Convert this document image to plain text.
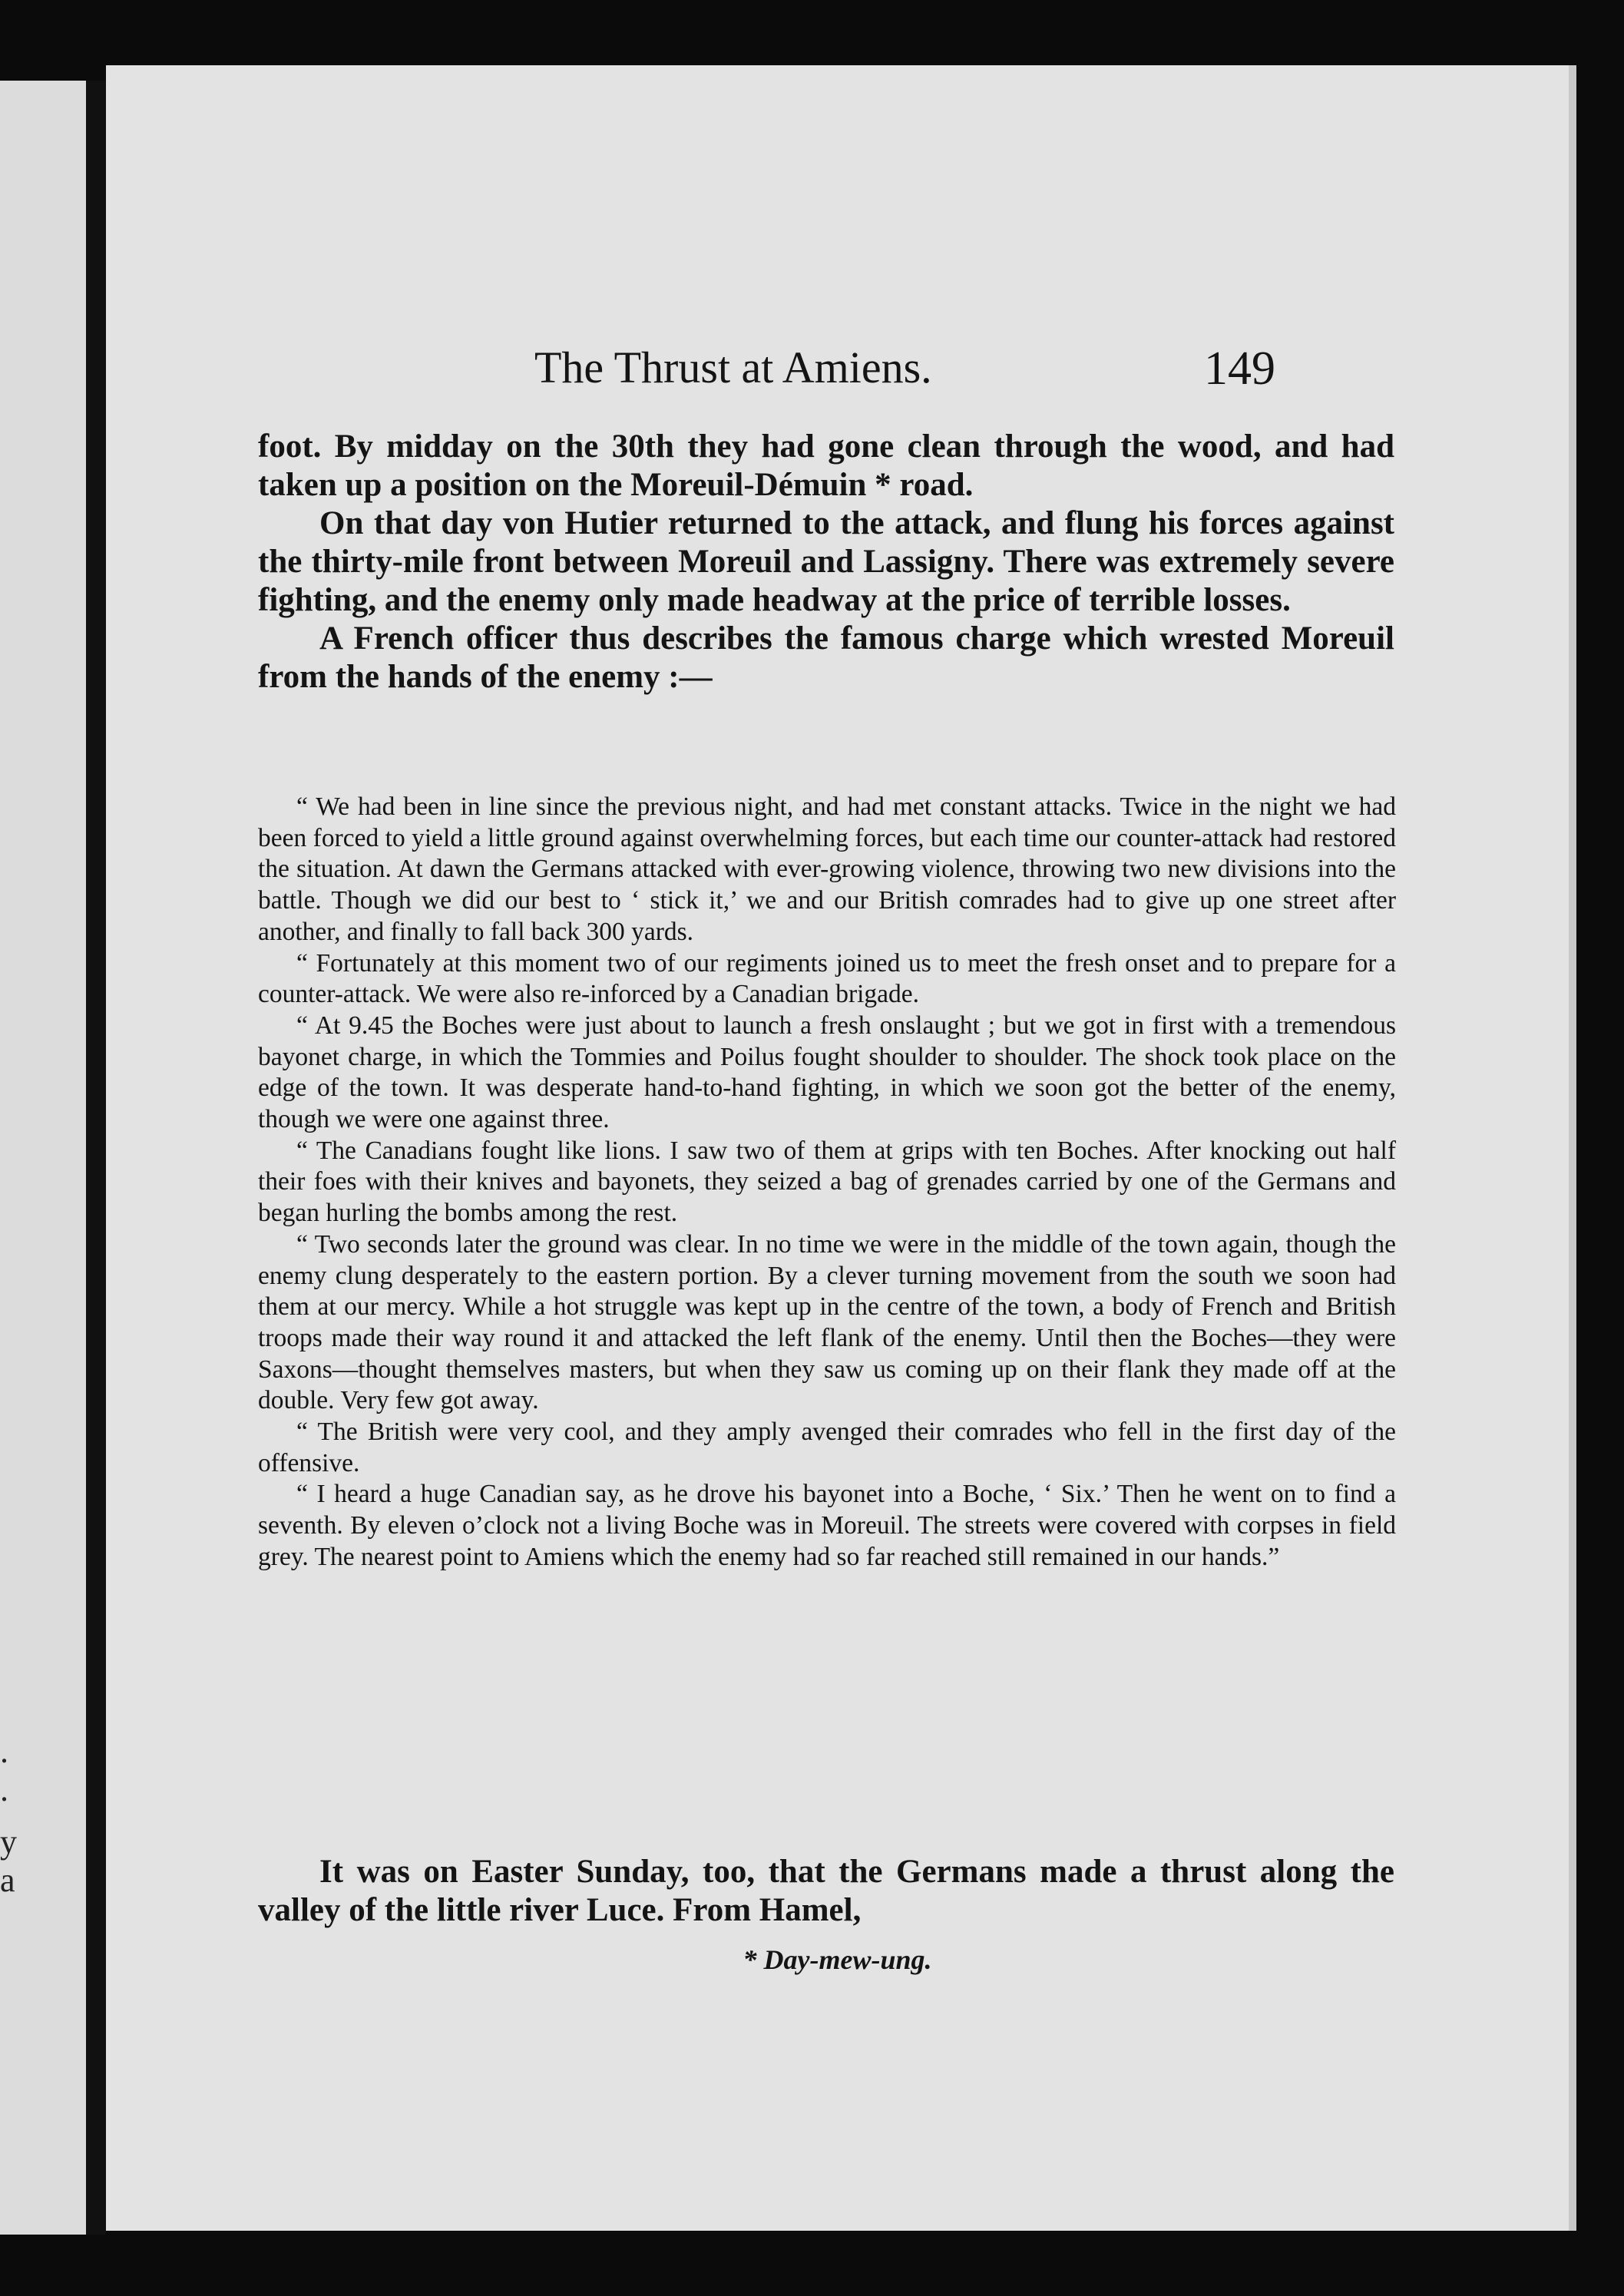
.
.
y
a
The Thrust at Amiens.	149

foot. By midday on the 30th they had gone clean through the wood, and had taken up a position on the Moreuil-Démuin * road.

On that day von Hutier returned to the attack, and flung his forces against the thirty-mile front between Moreuil and Lassigny. There was extremely severe fighting, and the enemy only made headway at the price of terrible losses.

A French officer thus describes the famous charge which wrested Moreuil from the hands of the enemy :—

“ We had been in line since the previous night, and had met constant attacks. Twice in the night we had been forced to yield a little ground against overwhelming forces, but each time our counter-attack had restored the situation. At dawn the Germans attacked with ever-growing violence, throwing two new divisions into the battle. Though we did our best to ‘ stick it,’ we and our British comrades had to give up one street after another, and finally to fall back 300 yards.

“ Fortunately at this moment two of our regiments joined us to meet the fresh onset and to prepare for a counter-attack. We were also re-inforced by a Canadian brigade.

“ At 9.45 the Boches were just about to launch a fresh onslaught ; but we got in first with a tremendous bayonet charge, in which the Tommies and Poilus fought shoulder to shoulder. The shock took place on the edge of the town. It was desperate hand-to-hand fighting, in which we soon got the better of the enemy, though we were one against three.

“ The Canadians fought like lions. I saw two of them at grips with ten Boches. After knocking out half their foes with their knives and bayonets, they seized a bag of grenades carried by one of the Germans and began hurling the bombs among the rest.

“ Two seconds later the ground was clear. In no time we were in the middle of the town again, though the enemy clung desperately to the eastern portion. By a clever turning movement from the south we soon had them at our mercy. While a hot struggle was kept up in the centre of the town, a body of French and British troops made their way round it and attacked the left flank of the enemy. Until then the Boches—they were Saxons—thought themselves masters, but when they saw us coming up on their flank they made off at the double. Very few got away.

“ The British were very cool, and they amply avenged their comrades who fell in the first day of the offensive.

“ I heard a huge Canadian say, as he drove his bayonet into a Boche, ‘ Six.’ Then he went on to find a seventh. By eleven o’clock not a living Boche was in Moreuil. The streets were covered with corpses in field grey. The nearest point to Amiens which the enemy had so far reached still remained in our hands.”

It was on Easter Sunday, too, that the Germans made a thrust along the valley of the little river Luce. From Hamel,

* Day-mew-ung.
